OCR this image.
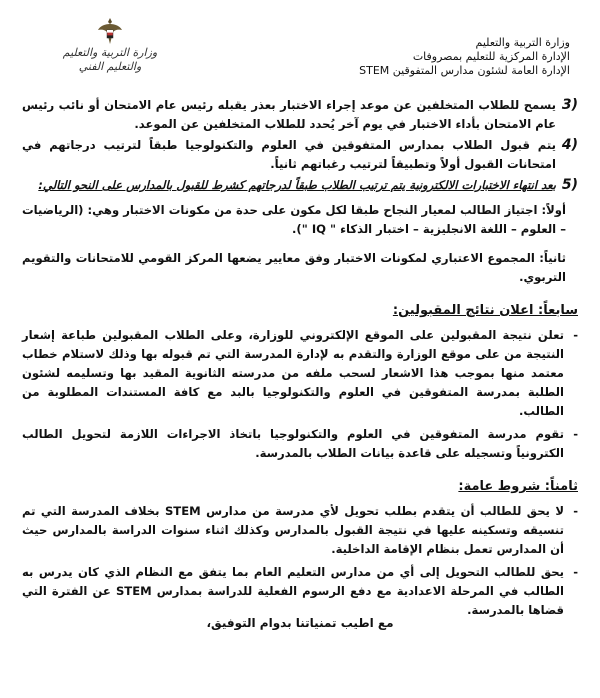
وزارة التربية والتعليم
الإدارة المركزية للتعليم بمصروفات
الإدارة العامة لشئون مدارس المتفوقين STEM
وزارة التربية والتعليم
والتعليم الفني
3)
يسمح للطلاب المتخلفين عن موعد إجراء الاختبار بعذر يقبله رئيس عام الامتحان أو نائب رئيس عام الامتحان بأداء الاختبار في يوم آخر يُحدد للطلاب المتخلفين عن الموعد.
4)
يتم قبول الطلاب بمدارس المتفوقين في العلوم والتكنولوجيا طبقاً لترتيب درجاتهم في امتحانات القبول أولاً وتطبيقاً لترتيب رغباتهم ثانياً.
5)
بعد انتهاء الاختبارات الالكترونية يتم ترتيب الطلاب طبقاً لدرجاتهم كشرط للقبول بالمدارس على النحو التالي:
أولاً: اجتياز الطالب لمعيار النجاح طبقا لكل مكون على حدة من مكونات الاختبار وهي: (الرياضيات – العلوم – اللغة الانجليزية – اختبار الذكاء " IQ ").
ثانياً: المجموع الاعتباري لمكونات الاختبار وفق معايير يضعها المركز القومي للامتحانات والتقويم التربوي.
سابعاً: اعلان نتائج المقبولين:
-
تعلن نتيجة المقبولين على الموقع الإلكتروني للوزارة، وعلى الطلاب المقبولين طباعة إشعار النتيجة من على موقع الوزارة والتقدم به لإدارة المدرسة التي تم قبوله بها وذلك لاستلام خطاب معتمد منها بموجب هذا الاشعار لسحب ملفه من مدرسته الثانوية المقيد بها وتسليمه لشئون الطلبة بمدرسة المتفوقين في العلوم والتكنولوجيا بالبد مع كافة المستندات المطلوبة من الطالب.
-
تقوم مدرسة المتفوقين في العلوم والتكنولوجيا باتخاذ الاجراءات اللازمة لتحويل الطالب الكترونياً وتسجيله على قاعدة بيانات الطلاب بالمدرسة.
ثامناً: شروط عامة:
-
لا يحق للطالب أن يتقدم بطلب تحويل لأي مدرسة من مدارس STEM بخلاف المدرسة التي تم تنسيقه وتسكينه عليها في نتيجة القبول بالمدارس وكذلك اثناء سنوات الدراسة بالمدارس حيث أن المدارس تعمل بنظام الإقامة الداخلية.
-
يحق للطالب التحويل إلى أي من مدارس التعليم العام بما يتفق مع النظام الذي كان يدرس به الطالب في المرحلة الاعدادية مع دفع الرسوم الفعلية للدراسة بمدارس STEM عن الفترة التي قضاها بالمدرسة.
مع اطيب تمنياتنا بدوام التوفيق،
